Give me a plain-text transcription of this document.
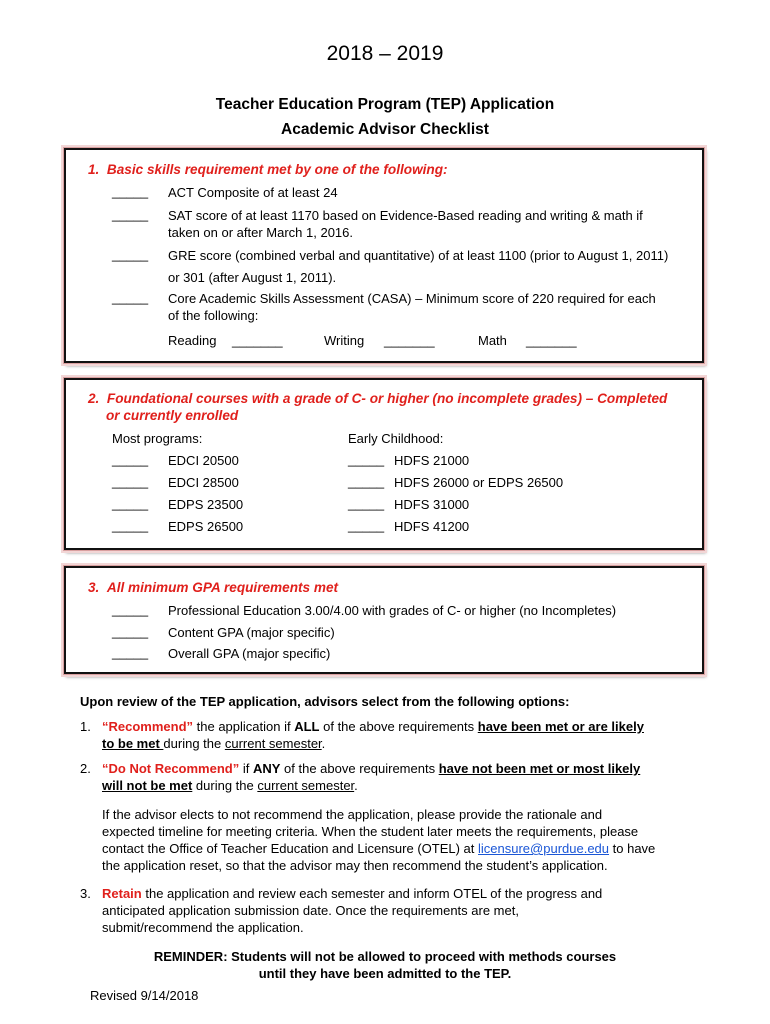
2018 – 2019
Teacher Education Program (TEP) Application
Academic Advisor Checklist
1. Basic skills requirement met by one of the following:
_____ ACT Composite of at least 24
_____ SAT score of at least 1170 based on Evidence-Based reading and writing & math if
taken on or after March 1, 2016.
_____ GRE score (combined verbal and quantitative) of at least 1100 (prior to August 1, 2011)
or 301 (after August 1, 2011).
_____ Core Academic Skills Assessment (CASA) – Minimum score of 220 required for each
of the following:
Reading _______	Writing _______	Math _______
2. Foundational courses with a grade of C- or higher (no incomplete grades) – Completed
or currently enrolled
Most programs:	Early Childhood:
_____ EDCI 20500	_____ HDFS 21000
_____ EDCI 28500	_____ HDFS 26000 or EDPS 26500
_____ EDPS 23500	_____ HDFS 31000
_____ EDPS 26500	_____ HDFS 41200
3. All minimum GPA requirements met
_____ Professional Education 3.00/4.00 with grades of C- or higher (no Incompletes)
_____ Content GPA (major specific)
_____ Overall GPA (major specific)
Upon review of the TEP application, advisors select from the following options:
1. “Recommend” the application if ALL of the above requirements have been met or are likely
to be met during the current semester.
2. “Do Not Recommend” if ANY of the above requirements have not been met or most likely
will not be met during the current semester.
If the advisor elects to not recommend the application, please provide the rationale and
expected timeline for meeting criteria. When the student later meets the requirements, please
contact the Office of Teacher Education and Licensure (OTEL) at licensure@purdue.edu to have
the application reset, so that the advisor may then recommend the student’s application.
3. Retain the application and review each semester and inform OTEL of the progress and
anticipated application submission date. Once the requirements are met,
submit/recommend the application.
REMINDER: Students will not be allowed to proceed with methods courses
until they have been admitted to the TEP.
Revised 9/14/2018
